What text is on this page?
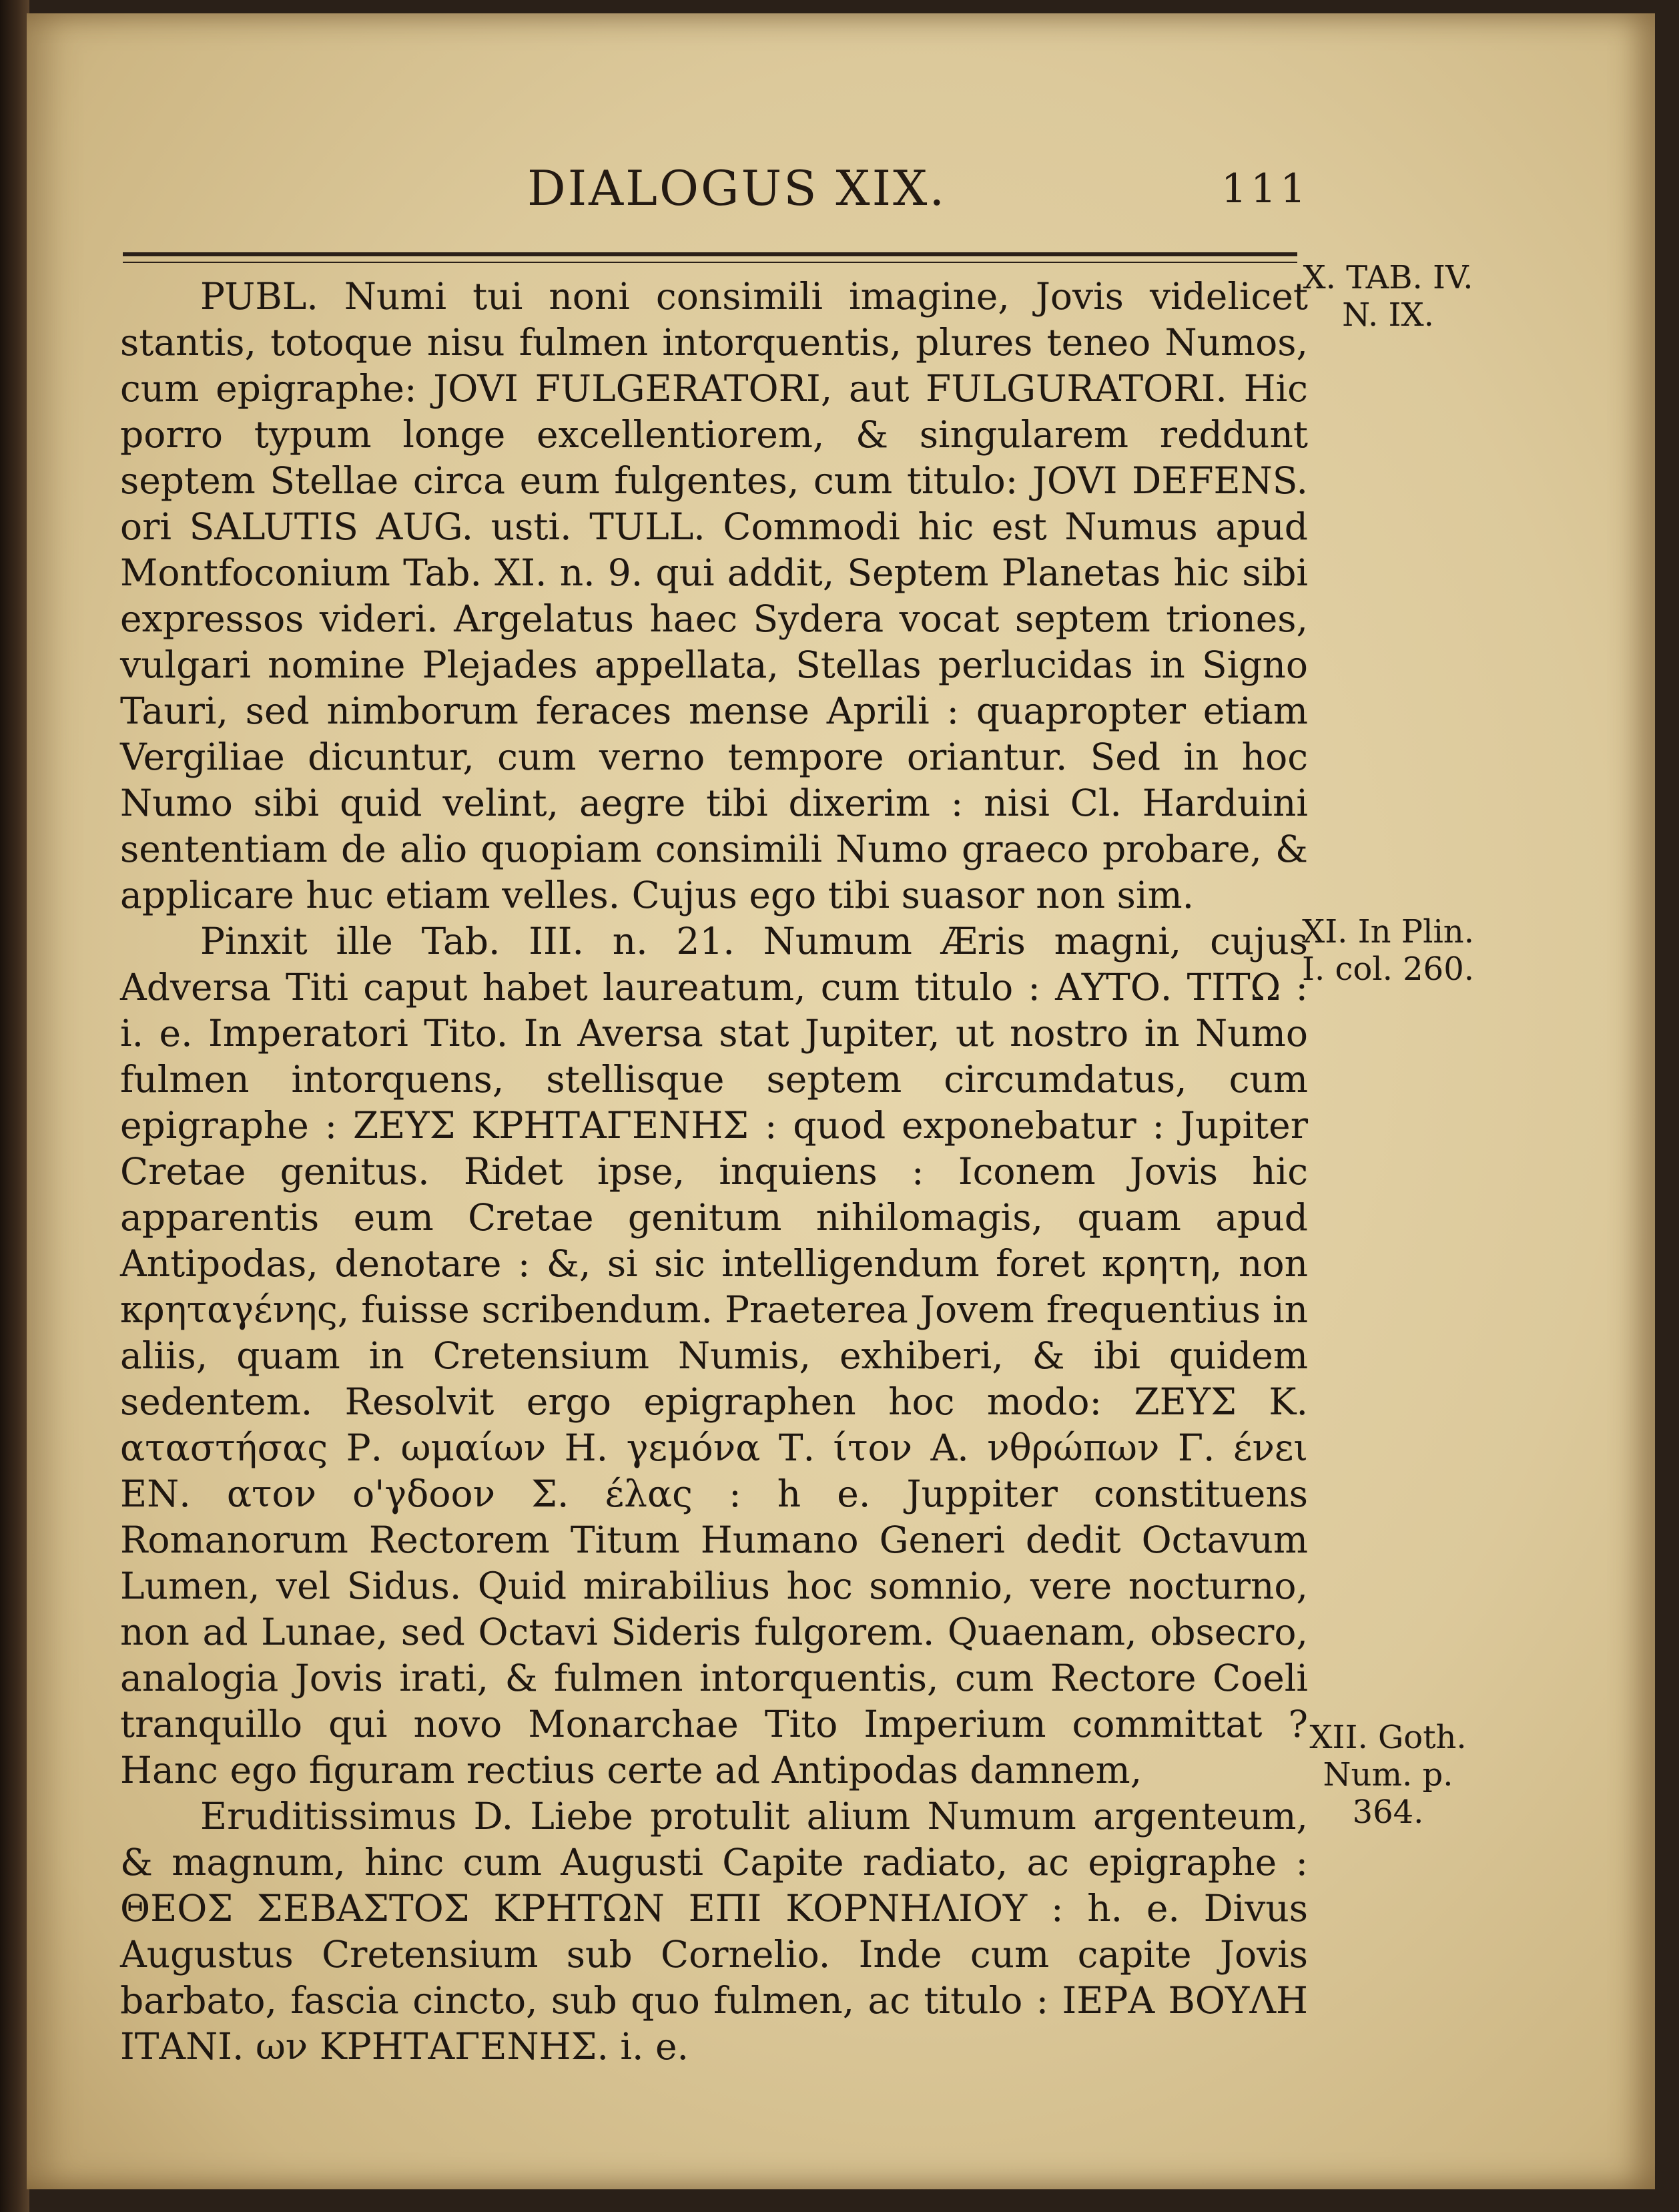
DIALOGUS XIX.	111

PUBL. Numi tui noni consimili imagine, Jovis videlicet stantis, totoque nisu fulmen intorquentis, plures teneo Numos, cum epigraphe: JOVI FULGERATORI, aut FULGURATORI. Hic porro typum longe excellentiorem, & singularem reddunt septem Stellae circa eum fulgentes, cum titulo: JOVI DEFENS. ori SALUTIS AUG. usti. TULL. Commodi hic est Numus apud Montfoconium Tab. XI. n. 9. qui addit, Septem Planetas hic sibi expressos videri. Argelatus haec Sydera vocat septem triones, vulgari nomine Plejades appellata, Stellas perlucidas in Signo Tauri, sed nimborum feraces mense Aprili : quapropter etiam Vergiliae dicuntur, cum verno tempore oriantur. Sed in hoc Numo sibi quid velint, aegre tibi dixerim : nisi Cl. Harduini sententiam de alio quopiam consimili Numo graeco probare, & applicare huc etiam velles. Cujus ego tibi suasor non sim.

Pinxit ille Tab. III. n. 21. Numum Æris magni, cujus Adversa Titi caput habet laureatum, cum titulo : ΑΥΤΟ. ΤΙΤΩ : i. e. Imperatori Tito. In Aversa stat Jupiter, ut nostro in Numo fulmen intorquens, stellisque septem circumdatus, cum epigraphe : ΖΕΥΣ ΚΡΗΤΑΓΕΝΗΣ : quod exponebatur : Jupiter Cretae genitus. Ridet ipse, inquiens : Iconem Jovis hic apparentis eum Cretae genitum nihilomagis, quam apud Antipodas, denotare : &, si sic intelligendum foret κρητη, non κρηταγένης, fuisse scribendum. Praeterea Jovem frequentius in aliis, quam in Cretensium Numis, exhiberi, & ibi quidem sedentem. Resolvit ergo epigraphen hoc modo: ΖΕΥΣ Κ. αταστήσας Ρ. ωμαίων Η. γεμόνα Τ. ίτον Α. νθρώπων Γ. ένει ΕΝ. ατον ο'γδοον Σ. έλας : h e. Juppiter constituens Romanorum Rectorem Titum Humano Generi dedit Octavum Lumen, vel Sidus. Quid mirabilius hoc somnio, vere nocturno, non ad Lunae, sed Octavi Sideris fulgorem. Quaenam, obsecro, analogia Jovis irati, & fulmen intorquentis, cum Rectore Coeli tranquillo qui novo Monarchae Tito Imperium committat ? Hanc ego figuram rectius certe ad Antipodas damnem,

Eruditissimus D. Liebe protulit alium Numum argenteum, & magnum, hinc cum Augusti Capite radiato, ac epigraphe : ΘΕΟΣ ΣΕΒΑΣΤΟΣ ΚΡΗΤΩΝ ΕΠΙ ΚΟΡΝΗΛΙΟΥ : h. e. Divus Augustus Cretensium sub Cornelio. Inde cum capite Jovis barbato, fascia cincto, sub quo fulmen, ac titulo : ΙΕΡΑ ΒΟΥΛΗ ΙΤΑΝΙ. ων ΚΡΗΤΑΓΕΝΗΣ. i. e.

X. TAB. IV. N. IX.
XI. In Plin. I. col. 260.
XII. Goth. Num. p. 364.
